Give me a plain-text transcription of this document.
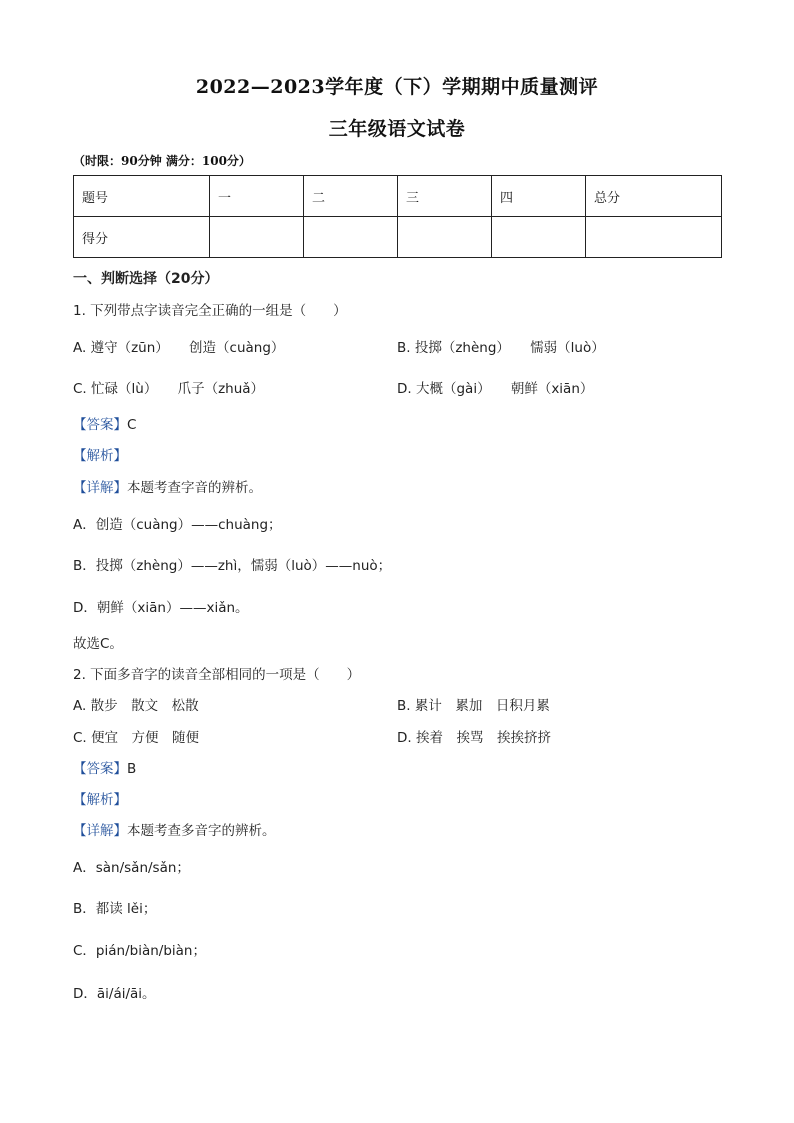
2022—2023学年度（下）学期期中质量测评
三年级语文试卷
（时限：90分钟 满分：100分）
题号	一	二	三	四	总分
得分					
一、判断选择（20分）
1. 下列带点字读音完全正确的一组是（　　）
A. 遵守（zūn）　　创造（cuàng）	B. 投掷（zhèng）　　懦弱（luò）
C. 忙碌（lù）　　爪子（zhuǎ）	D. 大概（gài）　　朝鲜（xiān）
【答案】C
【解析】
【详解】本题考查字音的辨析。
A．创造（cuàng）——chuàng；
B．投掷（zhèng）——zhì，懦弱（luò）——nuò；
D．朝鲜（xiān）——xiǎn。
故选C。
2. 下面多音字的读音全部相同的一项是（　　）
A. 散步　散文　松散	B. 累计　累加　日积月累
C. 便宜　方便　随便	D. 挨着　挨骂　挨挨挤挤
【答案】B
【解析】
【详解】本题考查多音字的辨析。
A．sàn/sǎn/sǎn；
B．都读 lěi；
C．pián/biàn/biàn；
D．āi/ái/āi。
